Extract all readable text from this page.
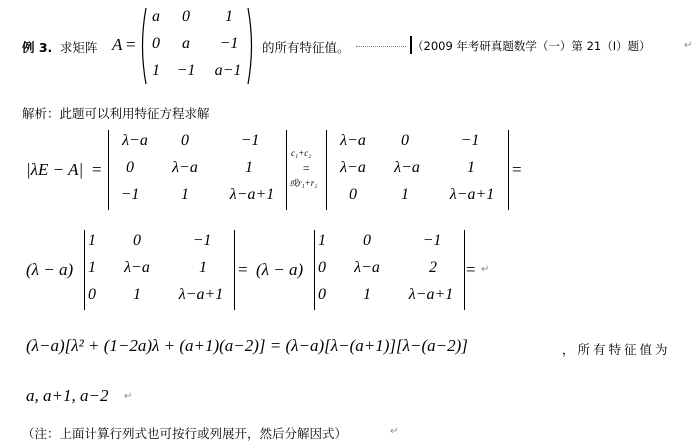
例 3. 求矩阵 A =
a	0	1
0	a	−1
1	−1	a−1
的所有特征值。	（2009 年考研真题数学（一）第 21（Ⅰ）题）	↵
解析：此题可以利用特征方程求解
|λE − A| =
λ−a	0	−1
0	λ−a	1
−1	1	λ−a+1
c₁+c₂
=
或r₁+r₂
λ−a	0	−1
λ−a	λ−a	1
0	1	λ−a+1
=
(λ − a)
1	0	−1
1	λ−a	1
0	1	λ−a+1
= (λ − a)
1	0	−1
0	λ−a	2
0	1	λ−a+1
= ↵
(λ−a)[λ² + (1−2a)λ + (a+1)(a−2)] = (λ−a)[λ−(a+1)][λ−(a−2)]	，所有特征值为
a, a+1, a−2 ↵
（注：上面计算行列式也可按行或列展开，然后分解因式）	↵
